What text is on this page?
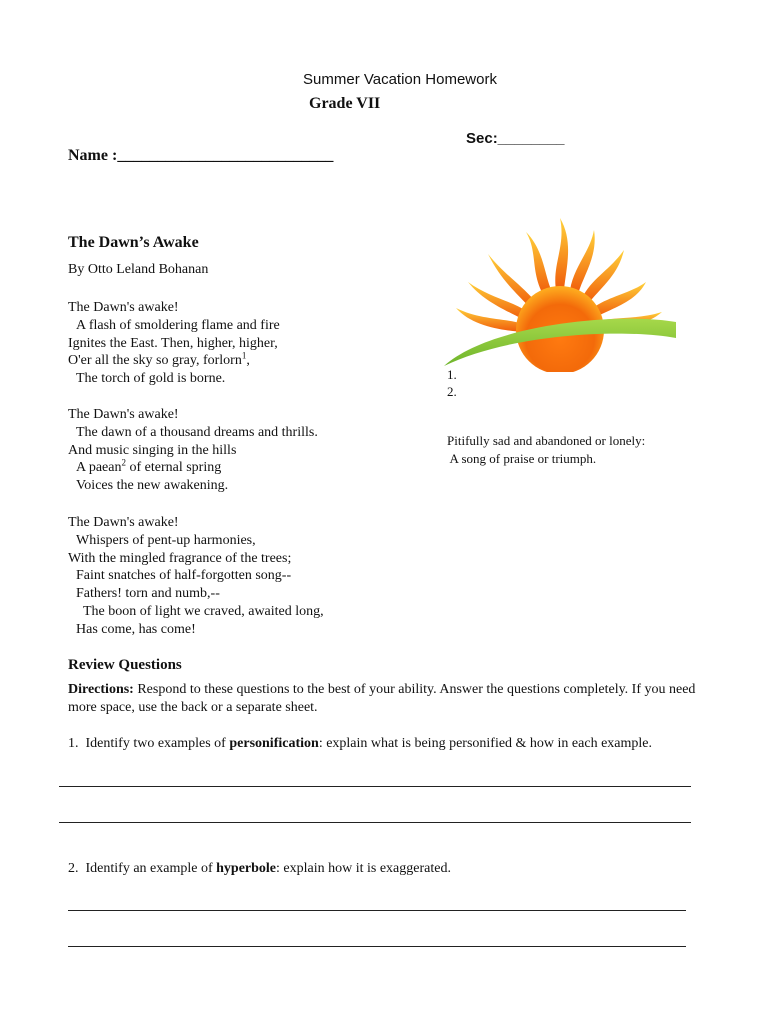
Summer Vacation Homework
Grade VII
Sec:________
Name :___________________________
The Dawn’s Awake
By Otto Leland Bohanan
The Dawn's awake!
A flash of smoldering flame and fire
Ignites the East. Then, higher, higher,
O'er all the sky so gray, forlorn$^1$,
The torch of gold is borne.
The Dawn's awake!
The dawn of a thousand dreams and thrills.
And music singing in the hills
A paean$^2$ of eternal spring
Voices the new awakening.
The Dawn's awake!
Whispers of pent-up harmonies,
With the mingled fragrance of the trees;
Faint snatches of half-forgotten song--
Fathers! torn and numb,--
The boon of light we craved, awaited long,
Has come, has come!
1.
2.
Pitifully sad and abandoned or lonely:
A song of praise or triumph.
Review Questions
Directions: Respond to these questions to the best of your ability. Answer the questions completely. If you need more space, use the back or a separate sheet.
1.  Identify two examples of personification: explain what is being personified & how in each example.
2.  Identify an example of hyperbole: explain how it is exaggerated.
